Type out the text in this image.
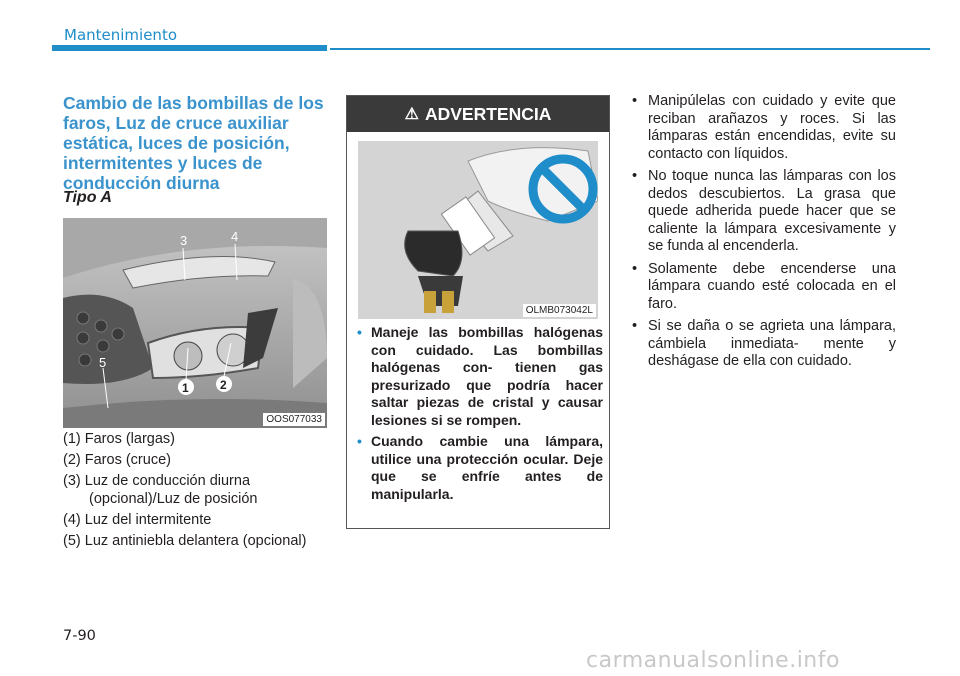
Mantenimiento
Cambio de las bombillas de los faros, Luz de cruce auxiliar estática, luces de posición, intermitentes y luces de conducción diurna
Tipo A
3	4
5
1	2
OOS077033
(1) Faros (largas)
(2) Faros (cruce)
(3) Luz de conducción diurna (opcional)/Luz de posición
(4) Luz del intermitente
(5) Luz antiniebla delantera (opcional)
⚠ ADVERTENCIA
OLMB073042L
• Maneje las bombillas halógenas con cuidado. Las bombillas halógenas con- tienen gas presurizado que podría hacer saltar piezas de cristal y causar lesiones si se rompen.
• Cuando cambie una lámpara, utilice una protección ocular. Deje que se enfríe antes de manipularla.
• Manipúlelas con cuidado y evite que reciban arañazos y roces. Si las lámparas están encendidas, evite su contacto con líquidos.
• No toque nunca las lámparas con los dedos descubiertos. La grasa que quede adherida puede hacer que se caliente la lámpara excesivamente y se funda al encenderla.
• Solamente debe encenderse una lámpara cuando esté colocada en el faro.
• Si se daña o se agrieta una lámpara, cámbiela inmediata- mente y deshágase de ella con cuidado.
7-90
carmanualsonline.info
